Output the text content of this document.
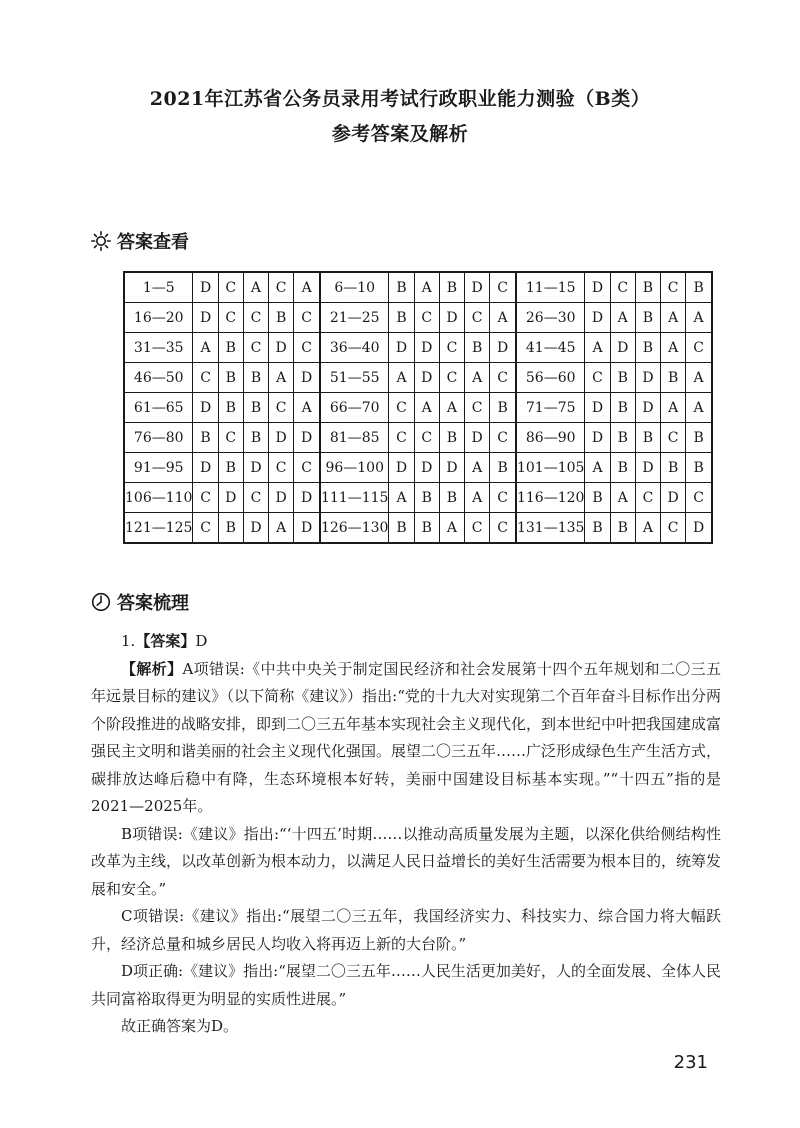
2021年江苏省公务员录用考试行政职业能力测验（B类）
参考答案及解析
答案查看
1—5	D	C	A	C	A	6—10	B	A	B	D	C	11—15	D	C	B	C	B
16—20	D	C	C	B	C	21—25	B	C	D	C	A	26—30	D	A	B	A	A
31—35	A	B	C	D	C	36—40	D	D	C	B	D	41—45	A	D	B	A	C
46—50	C	B	B	A	D	51—55	A	D	C	A	C	56—60	C	B	D	B	A
61—65	D	B	B	C	A	66—70	C	A	A	C	B	71—75	D	B	D	A	A
76—80	B	C	B	D	D	81—85	C	C	B	D	C	86—90	D	B	B	C	B
91—95	D	B	D	C	C	96—100	D	D	D	A	B	101—105	A	B	D	B	B
106—110	C	D	C	D	D	111—115	A	B	B	A	C	116—120	B	A	C	D	C
121—125	C	B	D	A	D	126—130	B	B	A	C	C	131—135	B	B	A	C	D
答案梳理

1.【答案】D

【解析】A项错误:《中共中央关于制定国民经济和社会发展第十四个五年规划和二〇三五年远景目标的建议》（以下简称《建议》）指出:“党的十九大对实现第二个百年奋斗目标作出分两个阶段推进的战略安排，即到二〇三五年基本实现社会主义现代化，到本世纪中叶把我国建成富强民主文明和谐美丽的社会主义现代化强国。展望二〇三五年……广泛形成绿色生产生活方式，碳排放达峰后稳中有降，生态环境根本好转，美丽中国建设目标基本实现。”“十四五”指的是2021—2025年。

B项错误:《建议》指出:“‘十四五’时期……以推动高质量发展为主题，以深化供给侧结构性改革为主线，以改革创新为根本动力，以满足人民日益增长的美好生活需要为根本目的，统筹发展和安全。”

C项错误:《建议》指出:“展望二〇三五年，我国经济实力、科技实力、综合国力将大幅跃升，经济总量和城乡居民人均收入将再迈上新的大台阶。”

D项正确:《建议》指出:“展望二〇三五年……人民生活更加美好，人的全面发展、全体人民共同富裕取得更为明显的实质性进展。”

故正确答案为D。

231
